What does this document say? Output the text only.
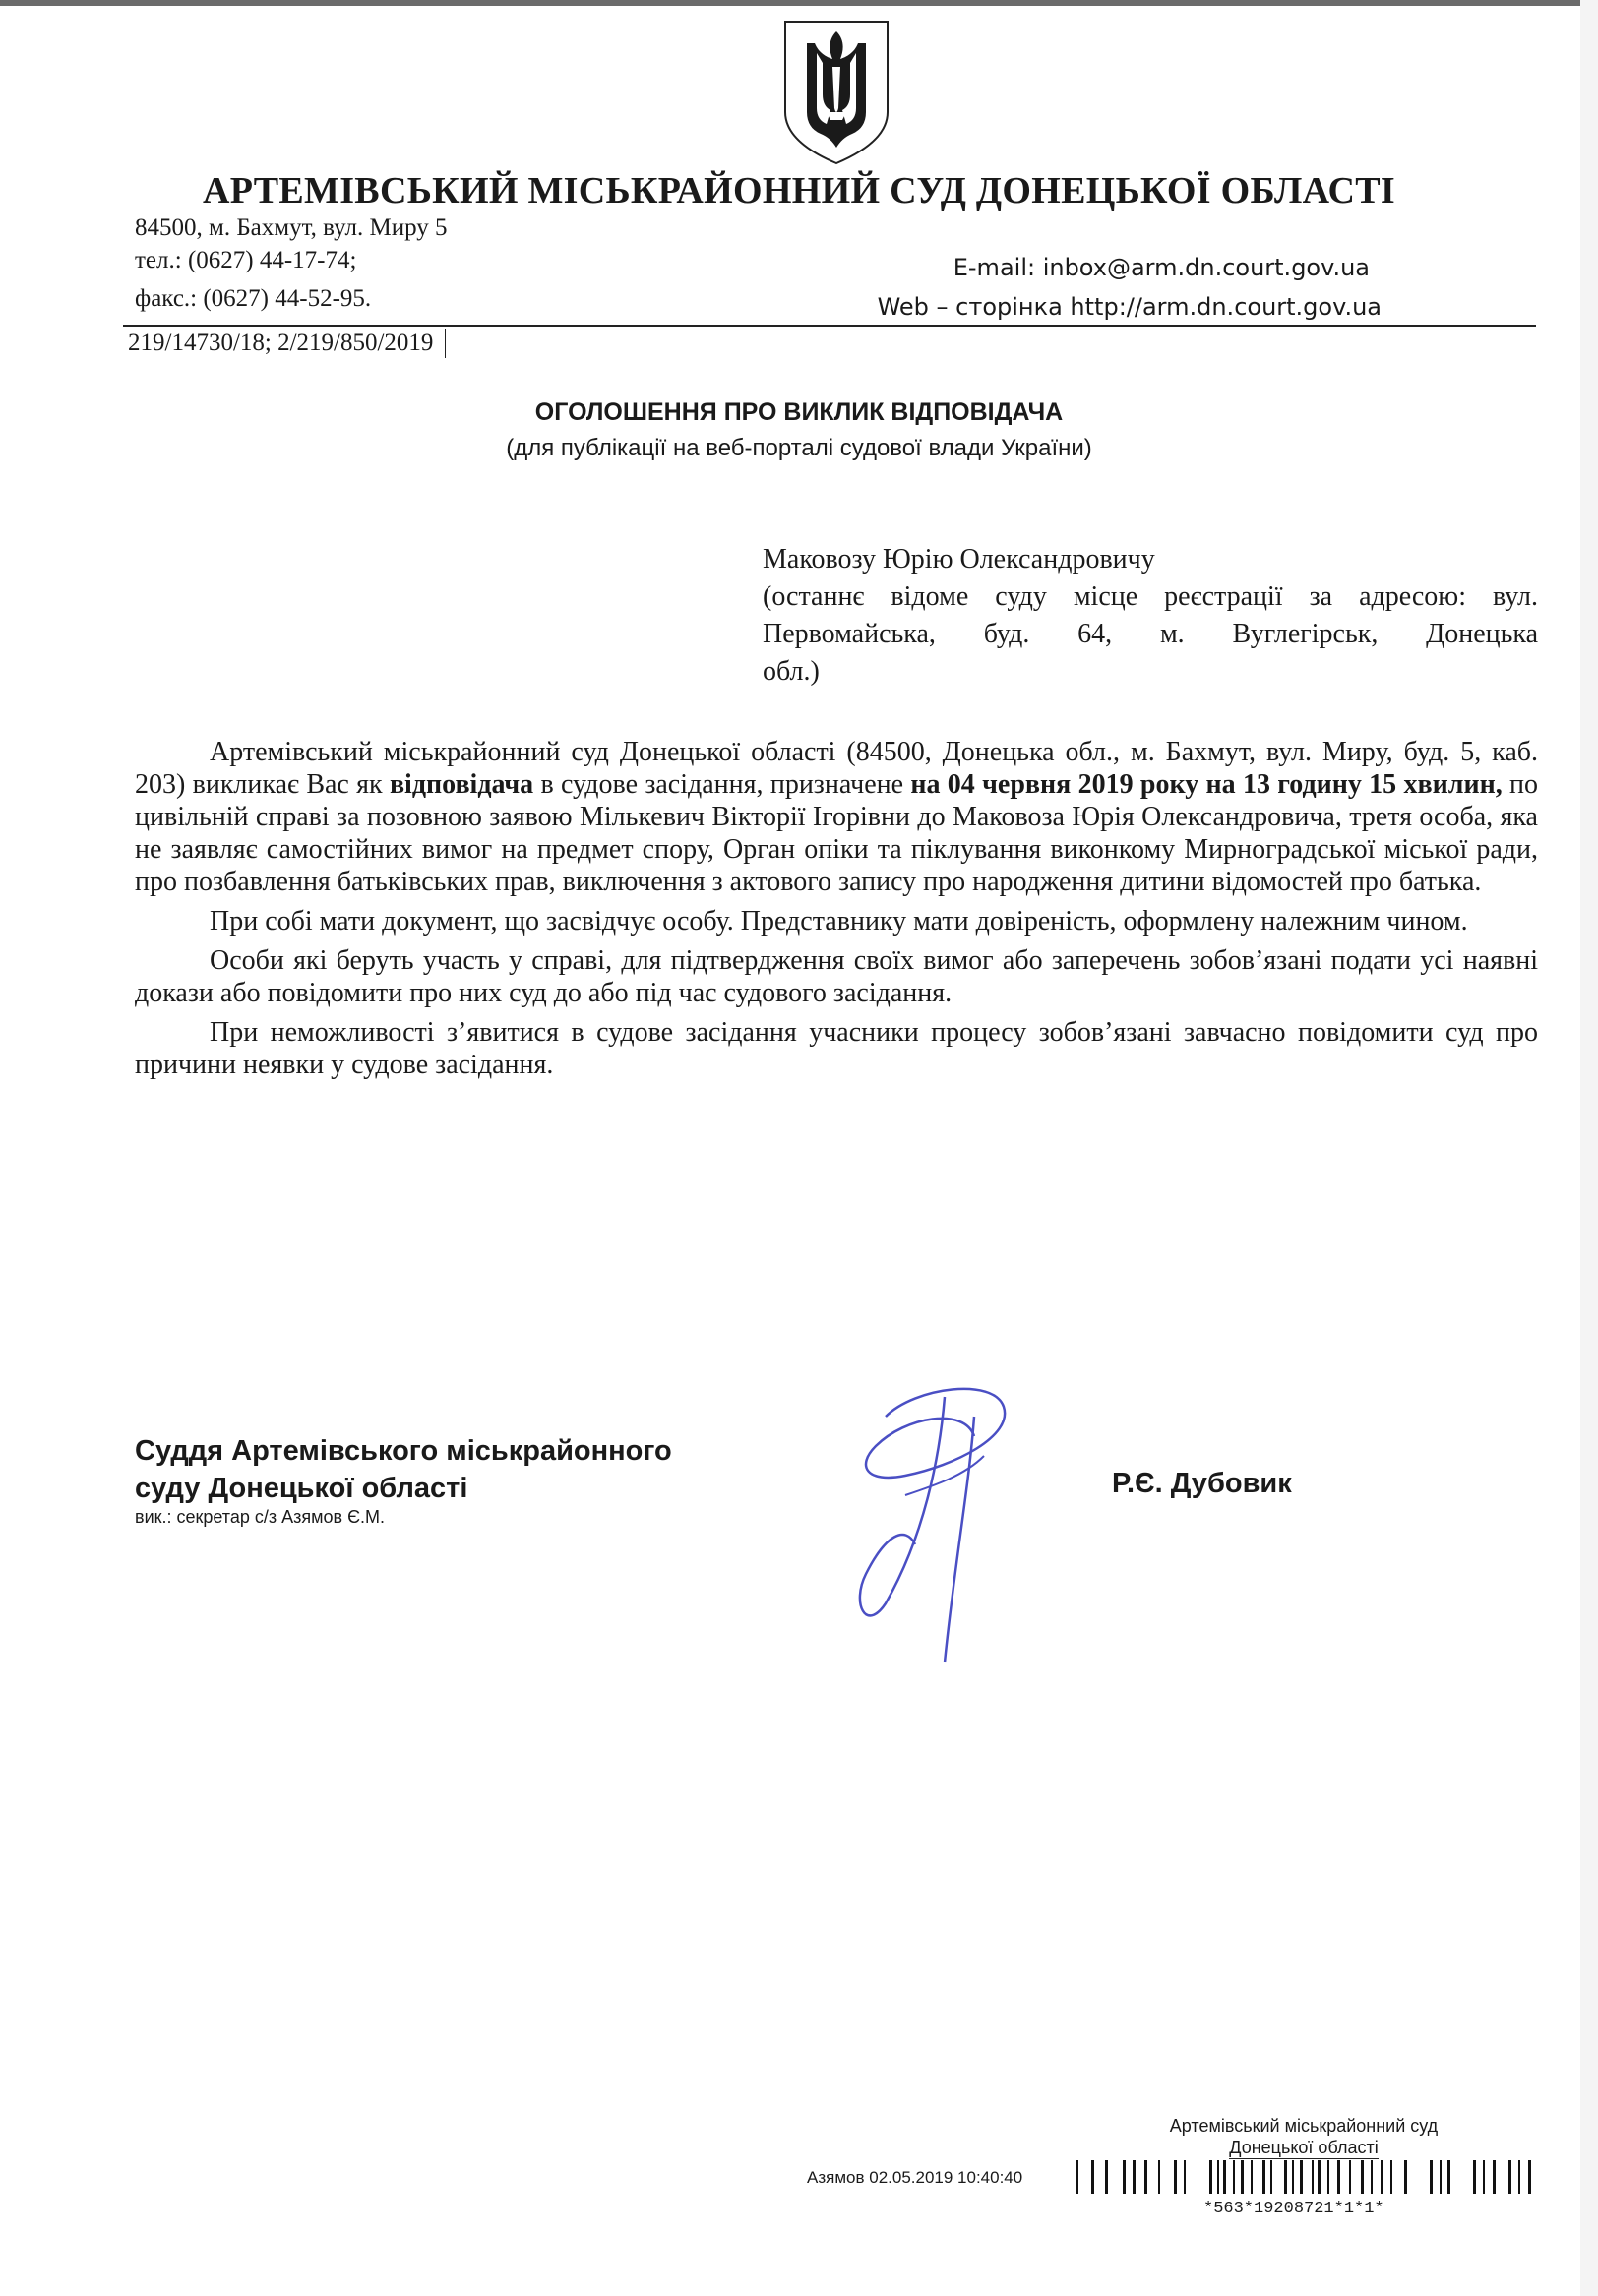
АРТЕМІВСЬКИЙ МІСЬКРАЙОННИЙ СУД ДОНЕЦЬКОЇ ОБЛАСТІ
84500, м. Бахмут, вул. Миру 5
тел.: (0627) 44-17-74;
факс.: (0627) 44-52-95.
E-mail: inbox@arm.dn.court.gov.ua
Web – сторінка http://arm.dn.court.gov.ua
219/14730/18; 2/219/850/2019
ОГОЛОШЕННЯ ПРО ВИКЛИК ВІДПОВІДАЧА
(для публікації на веб-порталі судової влади України)
Маковозу Юрію Олександровичу
(останнє відоме суду місце реєстрації за адресою: вул.
Первомайська, буд. 64, м. Вуглегірськ, Донецька
обл.)

Артемівський міськрайонний суд Донецької області (84500, Донецька обл., м. Бахмут, вул. Миру, буд. 5, каб. 203) викликає Вас як відповідача в судове засідання, призначене на 04 червня 2019 року на 13 годину 15 хвилин, по цивільній справі за позовною заявою Мількевич Вікторії Ігорівни до Маковоза Юрія Олександровича, третя особа, яка не заявляє самостійних вимог на предмет спору, Орган опіки та піклування виконкому Мирноградської міської ради, про позбавлення батьківських прав, виключення з актового запису про народження дитини відомостей про батька.

При собі мати документ, що засвідчує особу. Представнику мати довіреність, оформлену належним чином.

Особи які беруть участь у справі, для підтвердження своїх вимог або заперечень зобов’язані подати усі наявні докази або повідомити про них суд до або під час судового засідання.

При неможливості з’явитися в судове засідання учасники процесу зобов’язані завчасно повідомити суд про причини неявки у судове засідання.

Суддя Артемівського міськрайонного
суду Донецької області
вик.: секретар с/з Азямов Є.М.
Р.Є. Дубовик
Артемівський міськрайонний суд
Донецької області
Азямов 02.05.2019 10:40:40
*563*19208721*1*1*
